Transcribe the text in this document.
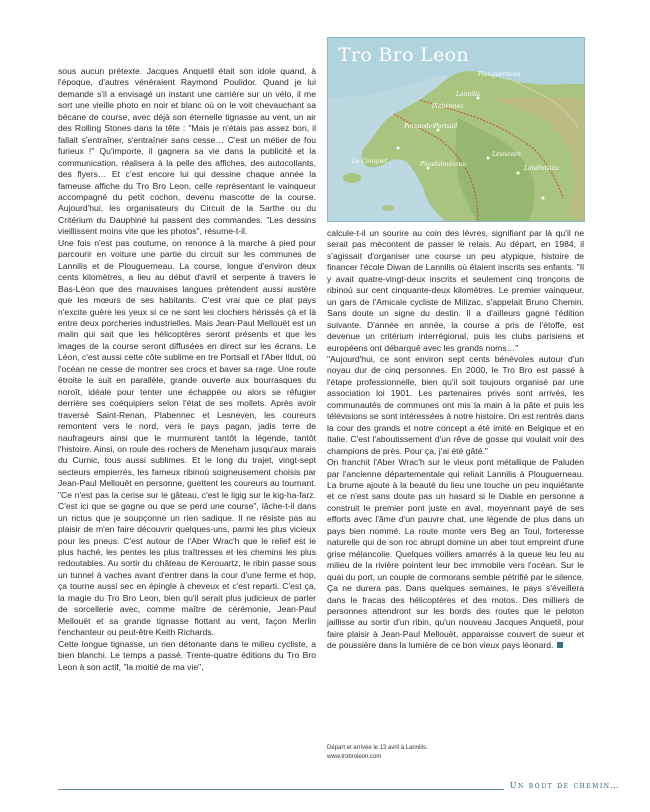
Plouguerneau
Lannilis
Plabennec
Porspoder
Portsall
Le Conquet
Lesneven
Landivisiau
Ploudalmézeau
Tro Bro Leon

sous aucun prétexte. Jacques Anquetil était son idole quand, à l'époque, d'autres vénéraient Raymond Poulidor. Quand je lui demande s'il a envisagé un instant une carrière sur un vélo, il me sort une vieille photo en noir et blanc où on le voit chevauchant sa bécane de course, avec déjà son éternelle tignasse au vent, un air des Rolling Stones dans la tête : "Mais je n'étais pas assez bon, il fallait s'entraîner, s'entraîner sans cesse… C'est un métier de fou furieux !" Qu'importe, il gagnera sa vie dans la publicité et la communication, réalisera à la pelle des affiches, des autocollants, des flyers… Et c'est encore lui qui dessine chaque année la fameuse affiche du Tro Bro Leon, celle représentant le vainqueur accompagné du petit cochon, devenu mascotte de la course. Aujourd'hui, les organisateurs du Circuit de la Sarthe ou du Critérium du Dauphiné lui passent des commandes. "Les dessins vieillissent moins vite que les photos", résume-t-il.

Une fois n'est pas coutume, on renonce à la marche à pied pour parcourir en voiture une partie du circuit sur les communes de Lannilis et de Plouguerneau. La course, longue d'environ deux cents kilomètres, a lieu au début d'avril et serpente à travers le Bas-Léon que des mauvaises langues prétendent aussi austère que les mœurs de ses habitants. C'est vrai que ce plat pays n'excite guère les yeux si ce ne sont les clochers hérissés çà et là entre deux porcheries industrielles. Mais Jean-Paul Mellouët est un malin qui sait que les hélicoptères seront présents et que les images de la course seront diffusées en direct sur les écrans. Le Léon, c'est aussi cette côte sublime en tre Portsall et l'Aber Ildut, où l'océan ne cesse de montrer ses crocs et baver sa rage. Une route étroite le suit en parallèle, grande ouverte aux bourrasques du noroît, idéale pour tenter une échappée ou alors se réfugier derrière ses coéquipiers selon l'état de ses mollets. Après avoir traversé Saint-Renan, Plabennec et Lesneven, les coureurs remontent vers le nord, vers le pays pagan, jadis terre de naufrageurs ainsi que le murmurent tantôt la légende, tantôt l'histoire. Ainsi, on roule des rochers de Meneham jusqu'aux marais du Curnic, tous aussi sublimes. Et le long du trajet, vingt-sept secteurs empierrés, les fameux ribinoù soigneusement choisis par Jean-Paul Mellouët en personne, guettent les coureurs au tournant. "Ce n'est pas la cerise sur le gâteau, c'est le ligig sur le kig-ha-farz. C'est ici que se gagne ou que se perd une course", lâche-t-il dans un rictus que je soupçonne un rien sadique. Il ne résiste pas au plaisir de m'en faire découvrir quelques-uns, parmi les plus vicieux pour les pneus. C'est autour de l'Aber Wrac'h que le relief est le plus haché, les pentes les plus traîtresses et les chemins les plus redoutables. Au sortir du château de Kerouartz, le ribin passe sous un tunnel à vaches avant d'entrer dans la cour d'une ferme et hop, ça tourne aussi sec en épingle à cheveux et c'est reparti. C'est ça, la magie du Tro Bro Leon, bien qu'il serait plus judicieux de parler de sorcellerie avec, comme maître de cérémonie, Jean-Paul Mellouët et sa grande tignasse flottant au vent, façon Merlin l'enchanteur ou peut-être Keith Richards.

Cette longue tignasse, un rien détonante dans le milieu cycliste, a bien blanchi. Le temps a passé. Trente-quatre éditions du Tro Bro Leon à son actif, "la moitié de ma vie",

calcule-t-il un sourire au coin des lèvres, signifiant par là qu'il ne serait pas mécontent de passer le relais. Au départ, en 1984, il s'agissait d'organiser une course un peu atypique, histoire de financer l'école Diwan de Lannilis où étaient inscrits ses enfants. "Il y avait quatre-vingt-deux inscrits et seulement cinq tronçons de ribinoù sur cent cinquante-deux kilomètres. Le premier vainqueur, un gars de l'Amicale cycliste de Milizac, s'appelait Bruno Chemin. Sans doute un signe du destin. Il a d'ailleurs gagné l'édition suivante. D'année en année, la course a pris de l'étoffe, est devenue un critérium interrégional, puis les clubs parisiens et européens ont débarqué avec les grands noms…"

"Aujourd'hui, ce sont environ sept cents bénévoles autour d'un noyau dur de cinq personnes. En 2000, le Tro Bro est passé à l'étape professionnelle, bien qu'il soit toujours organisé par une association loi 1901. Les partenaires privés sont arrivés, les communautés de communes ont mis la main à la pâte et puis les télévisions se sont intéressées à notre histoire. On est rentrés dans la cour des grands et notre concept a été imité en Belgique et en Italie. C'est l'aboutissement d'un rêve de gosse qui voulait voir des champions de près. Pour ça, j'ai été gâté."

On franchit l'Aber Wrac'h sur le vieux pont métallique de Paluden par l'ancienne départementale qui reliait Lannilis à Plouguerneau. La brume ajoute à la beauté du lieu une touche un peu inquiétante et ce n'est sans doute pas un hasard si le Diable en personne a construit le premier pont juste en aval, moyennant payé de ses efforts avec l'âme d'un pauvre chat, une légende de plus dans un pays bien nommé. La route monte vers Beg an Toul, forteresse naturelle qui de son roc abrupt domine un aber tout empreint d'une grise mélancolie. Quelques voiliers amarrés à la queue leu leu au milieu de la rivière pointent leur bec immobile vers l'océan. Sur le quai du port, un couple de cormorans semble pétrifié par le silence. Ça ne durera pas. Dans quelques semaines, le pays s'éveillera dans le fracas des hélicoptères et des motos. Des milliers de personnes attendront sur les bords des routes que le peloton jaillisse au sortir d'un ribin, qu'un nouveau Jacques Anquetil, pour faire plaisir à Jean-Paul Mellouët, apparaisse couvert de sueur et de poussière dans la lumière de ce bon vieux pays léonard.

Départ et arrivée le 13 avril à Lannilis.
www.trobroleon.com
Un bout de chemin…
